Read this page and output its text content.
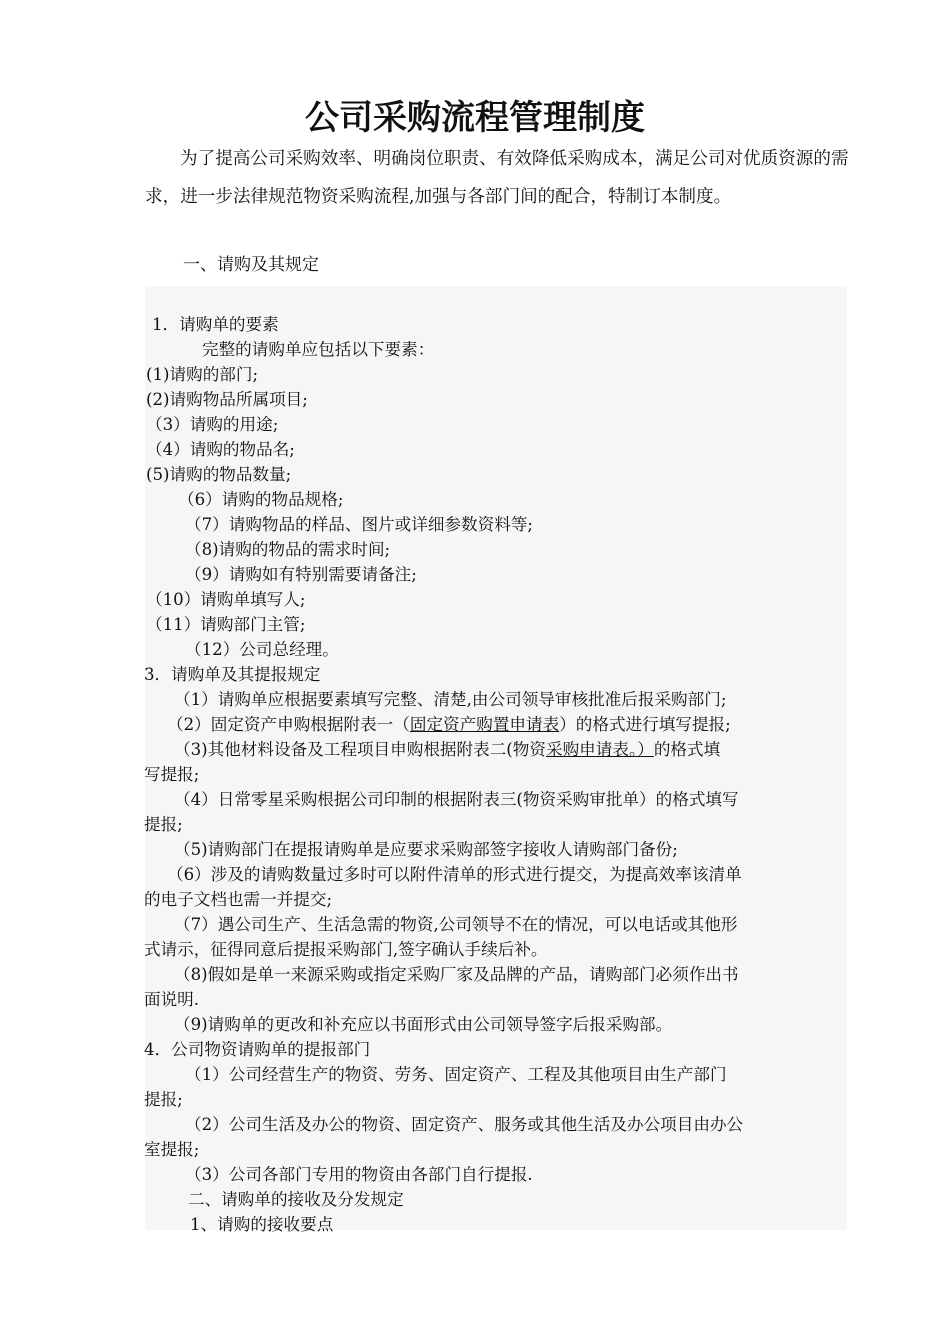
公司采购流程管理制度

为了提高公司采购效率、明确岗位职责、有效降低采购成本，满足公司对优质资源的需求，进一步法律规范物资采购流程,加强与各部门间的配合，特制订本制度。

一、请购及其规定
1．请购单的要素
完整的请购单应包括以下要素：
(1)请购的部门;
(2)请购物品所属项目;
（3）请购的用途;
（4）请购的物品名;
(5)请购的物品数量;
（6）请购的物品规格;
（7）请购物品的样品、图片或详细参数资料等;
（8)请购的物品的需求时间;
（9）请购如有特别需要请备注;
（10）请购单填写人;
（11）请购部门主管;
（12）公司总经理。
3．请购单及其提报规定
（1）请购单应根据要素填写完整、清楚,由公司领导审核批准后报采购部门;
（2）固定资产申购根据附表一（固定资产购置申请表）的格式进行填写提报;
（3)其他材料设备及工程项目申购根据附表二(物资采购申请表。）的格式填
写提报;
（4）日常零星采购根据公司印制的根据附表三(物资采购审批单）的格式填写
提报;
（5)请购部门在提报请购单是应要求采购部签字接收人请购部门备份;
（6）涉及的请购数量过多时可以附件清单的形式进行提交，为提高效率该清单
的电子文档也需一并提交;
（7）遇公司生产、生活急需的物资,公司领导不在的情况，可以电话或其他形
式请示，征得同意后提报采购部门,签字确认手续后补。
（8)假如是单一来源采购或指定采购厂家及品牌的产品，请购部门必须作出书
面说明.
（9)请购单的更改和补充应以书面形式由公司领导签字后报采购部。
4．公司物资请购单的提报部门
（1）公司经营生产的物资、劳务、固定资产、工程及其他项目由生产部门
提报;
（2）公司生活及办公的物资、固定资产、服务或其他生活及办公项目由办公
室提报;
（3）公司各部门专用的物资由各部门自行提报.
二、请购单的接收及分发规定
1、请购的接收要点
